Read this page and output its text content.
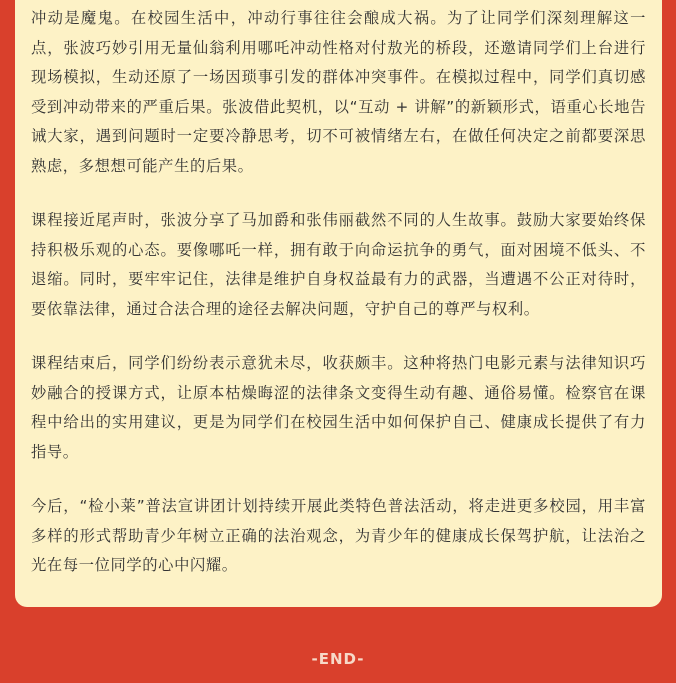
冲动是魔鬼。在校园生活中，冲动行事往往会酿成大祸。为了让同学们深刻理解这一点，张波巧妙引用无量仙翁利用哪吒冲动性格对付敖光的桥段，还邀请同学们上台进行现场模拟，生动还原了一场因琐事引发的群体冲突事件。在模拟过程中，同学们真切感受到冲动带来的严重后果。张波借此契机，以“互动 + 讲解”的新颖形式，语重心长地告诫大家，遇到问题时一定要冷静思考，切不可被情绪左右，在做任何决定之前都要深思熟虑，多想想可能产生的后果。

课程接近尾声时，张波分享了马加爵和张伟丽截然不同的人生故事。鼓励大家要始终保持积极乐观的心态。要像哪吒一样，拥有敢于向命运抗争的勇气，面对困境不低头、不退缩。同时，要牢牢记住，法律是维护自身权益最有力的武器，当遭遇不公正对待时，要依靠法律，通过合法合理的途径去解决问题，守护自己的尊严与权利。

课程结束后，同学们纷纷表示意犹未尽，收获颇丰。这种将热门电影元素与法律知识巧妙融合的授课方式，让原本枯燥晦涩的法律条文变得生动有趣、通俗易懂。检察官在课程中给出的实用建议，更是为同学们在校园生活中如何保护自己、健康成长提供了有力指导。

今后，“检小莱”普法宣讲团计划持续开展此类特色普法活动，将走进更多校园，用丰富多样的形式帮助青少年树立正确的法治观念，为青少年的健康成长保驾护航，让法治之光在每一位同学的心中闪耀。

-END-
